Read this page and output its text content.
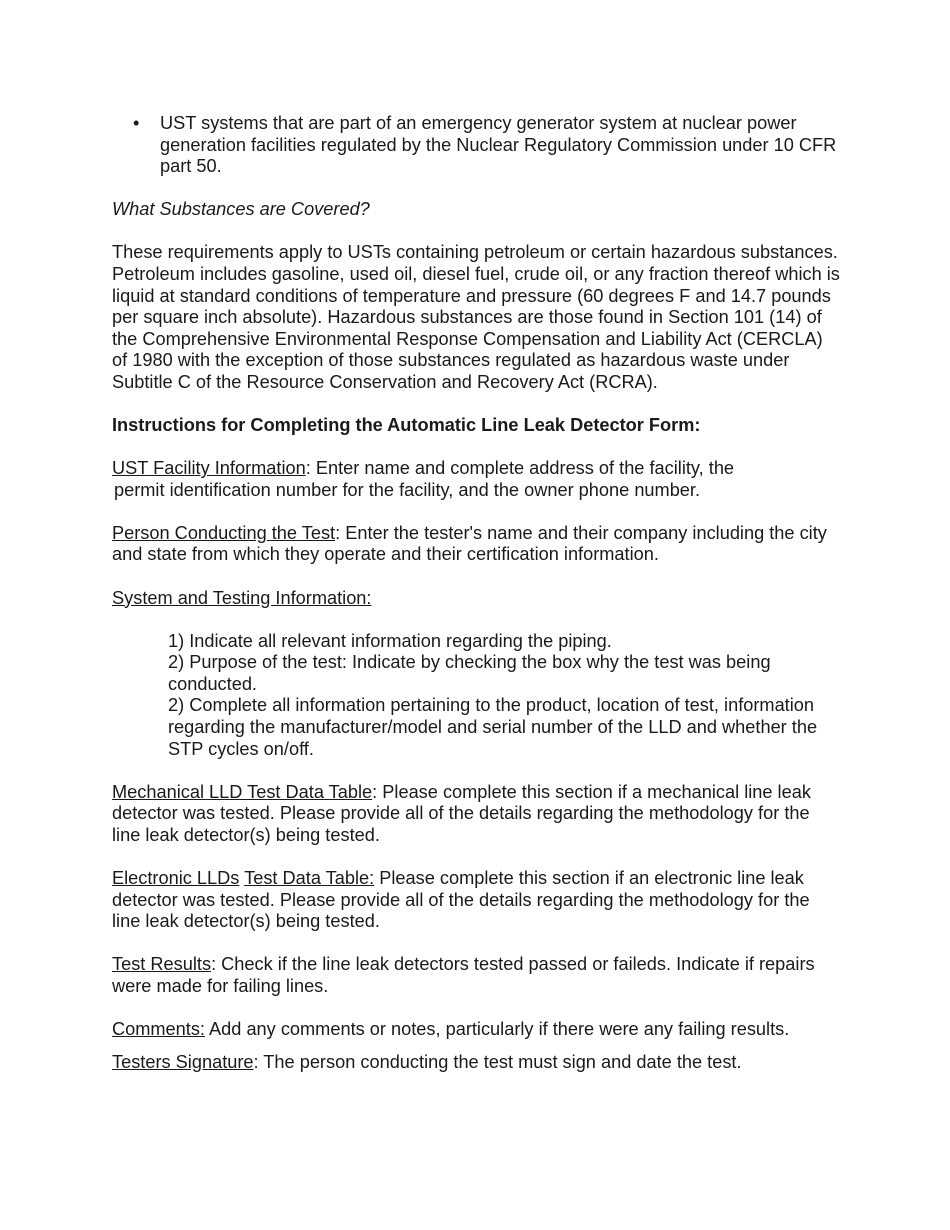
• UST systems that are part of an emergency generator system at nuclear power generation facilities regulated by the Nuclear Regulatory Commission under 10 CFR part 50.

What Substances are Covered?

These requirements apply to USTs containing petroleum or certain hazardous substances. Petroleum includes gasoline, used oil, diesel fuel, crude oil, or any fraction thereof which is liquid at standard conditions of temperature and pressure (60 degrees F and 14.7 pounds per square inch absolute). Hazardous substances are those found in Section 101 (14) of the Comprehensive Environmental Response Compensation and Liability Act (CERCLA) of 1980 with the exception of those substances regulated as hazardous waste under Subtitle C of the Resource Conservation and Recovery Act (RCRA).

Instructions for Completing the Automatic Line Leak Detector Form:

UST Facility Information: Enter name and complete address of the facility, the
permit identification number for the facility, and the owner phone number.

Person Conducting the Test: Enter the tester's name and their company including the city and state from which they operate and their certification information.

System and Testing Information:

1) Indicate all relevant information regarding the piping.

2) Purpose of the test: Indicate by checking the box why the test was being conducted.

2) Complete all information pertaining to the product, location of test, information regarding the manufacturer/model and serial number of the LLD and whether the STP cycles on/off.

Mechanical LLD Test Data Table: Please complete this section if a mechanical line leak detector was tested. Please provide all of the details regarding the methodology for the line leak detector(s) being tested.

Electronic LLDs Test Data Table: Please complete this section if an electronic line leak detector was tested. Please provide all of the details regarding the methodology for the line leak detector(s) being tested.

Test Results: Check if the line leak detectors tested passed or faileds. Indicate if repairs were made for failing lines.

Comments: Add any comments or notes, particularly if there were any failing results.

Testers Signature: The person conducting the test must sign and date the test.
